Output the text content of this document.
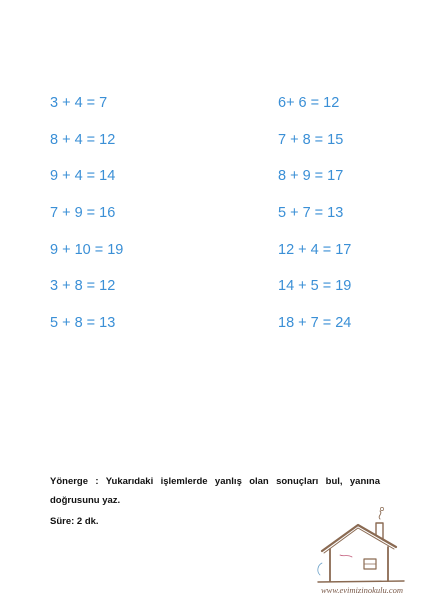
3 + 4 = 7
8 + 4 = 12
9 + 4 = 14
7 + 9 = 16
9 + 10 = 19
3 + 8 = 12
5 + 8 = 13
6+ 6 = 12
7 + 8 = 15
8 + 9 = 17
5 + 7 = 13
12 + 4 = 17
14 + 5 = 19
18 + 7 = 24
Yönerge : Yukarıdaki işlemlerde yanlış olan sonuçları bul, yanına doğrusunu yaz.
Süre: 2 dk.
www.evimizinokulu.com
